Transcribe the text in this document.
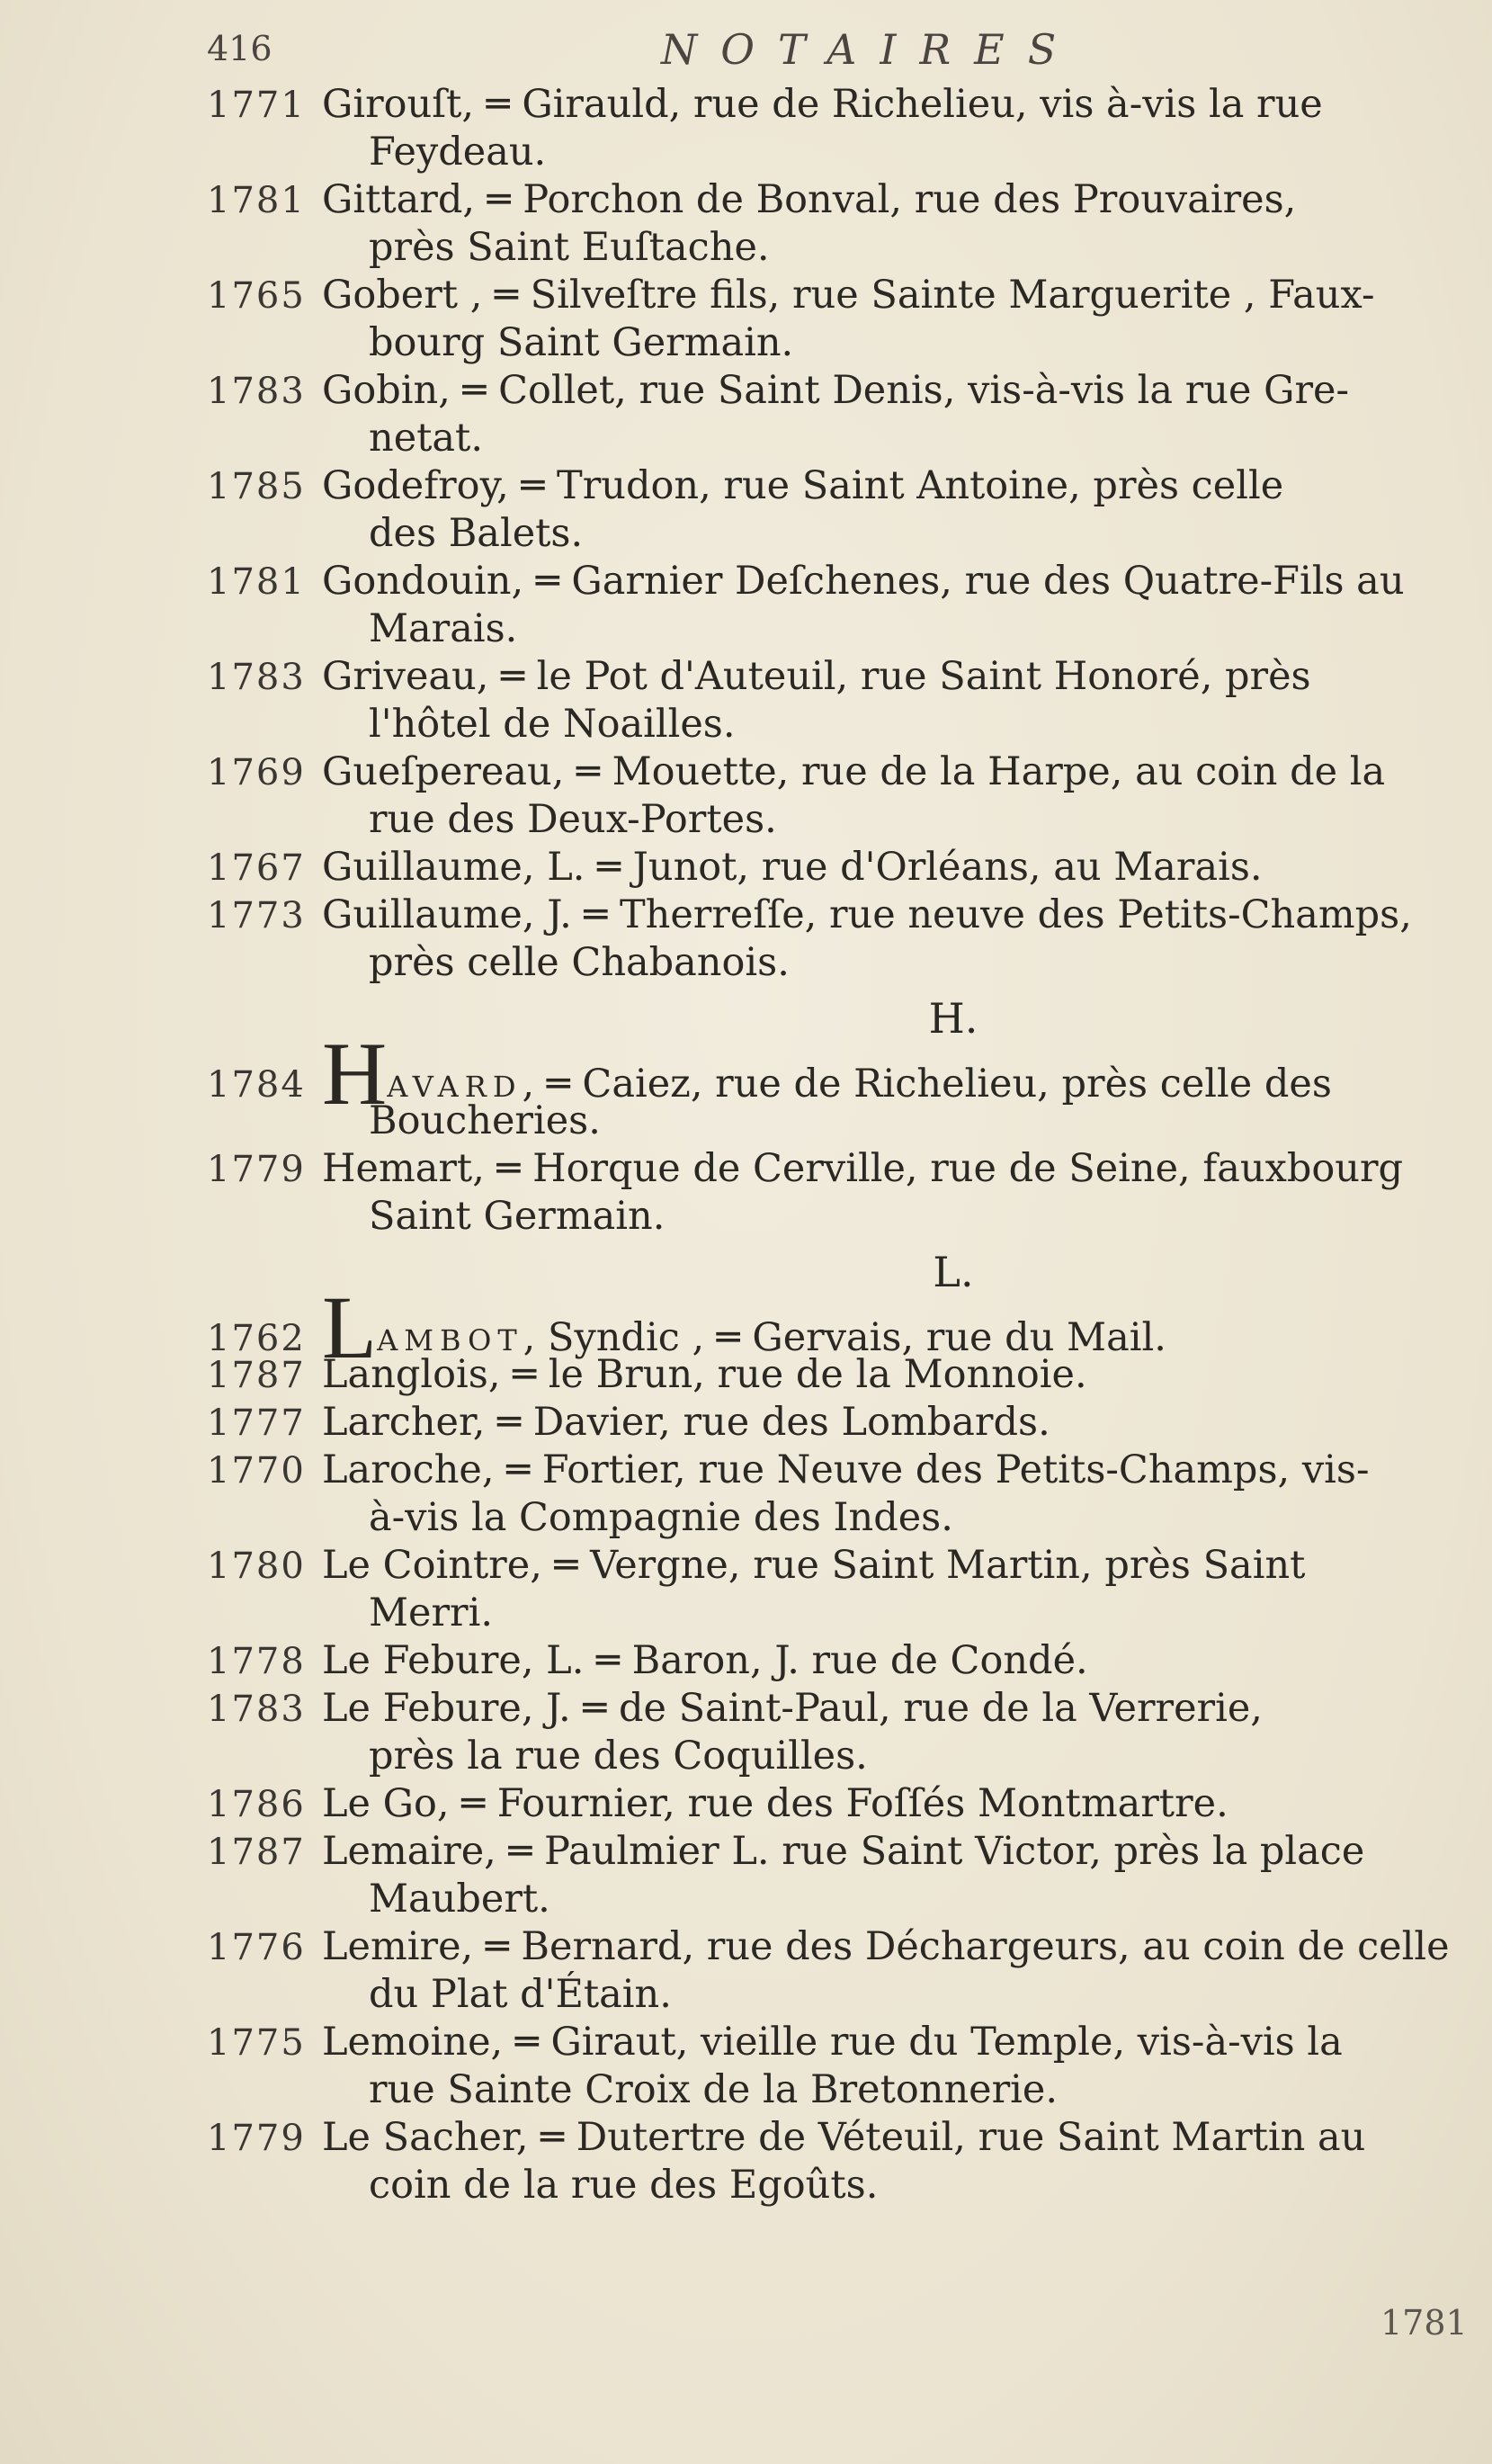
416	NOTAIRES
1771 Girouſt, ═ Girauld, rue de Richelieu, vis à-vis la rue
Feydeau.
1781 Gittard, ═ Porchon de Bonval, rue des Prouvaires,
près Saint Euſtache.
1765 Gobert , ═ Silveſtre fils, rue Sainte Marguerite , Faux-
bourg Saint Germain.
1783 Gobin, ═ Collet, rue Saint Denis, vis-à-vis la rue Gre-
netat.
1785 Godefroy, ═ Trudon, rue Saint Antoine, près celle
des Balets.
1781 Gondouin, ═ Garnier Deſchenes, rue des Quatre-Fils au
Marais.
1783 Griveau, ═ le Pot d'Auteuil, rue Saint Honoré, près
l'hôtel de Noailles.
1769 Gueſpereau, ═ Mouette, rue de la Harpe, au coin de la
rue des Deux-Portes.
1767 Guillaume, L. ═ Junot, rue d'Orléans, au Marais.
1773 Guillaume, J. ═ Therreſſe, rue neuve des Petits-Champs,
près celle Chabanois.
H.
1784 HAVARD, ═ Caiez, rue de Richelieu, près celle des
Boucheries.
1779 Hemart, ═ Horque de Cerville, rue de Seine, fauxbourg
Saint Germain.
L.
1762 LAMBOT, Syndic , ═ Gervais, rue du Mail.
1787 Langlois, ═ le Brun, rue de la Monnoie.
1777 Larcher, ═ Davier, rue des Lombards.
1770 Laroche, ═ Fortier, rue Neuve des Petits-Champs, vis-
à-vis la Compagnie des Indes.
1780 Le Cointre, ═ Vergne, rue Saint Martin, près Saint
Merri.
1778 Le Febure, L. ═ Baron, J. rue de Condé.
1783 Le Febure, J. ═ de Saint-Paul, rue de la Verrerie,
près la rue des Coquilles.
1786 Le Go, ═ Fournier, rue des Foſſés Montmartre.
1787 Lemaire, ═ Paulmier L. rue Saint Victor, près la place
Maubert.
1776 Lemire, ═ Bernard, rue des Déchargeurs, au coin de celle
du Plat d'Étain.
1775 Lemoine, ═ Giraut, vieille rue du Temple, vis-à-vis la
rue Sainte Croix de la Bretonnerie.
1779 Le Sacher, ═ Dutertre de Véteuil, rue Saint Martin au
coin de la rue des Egoûts.
1781
